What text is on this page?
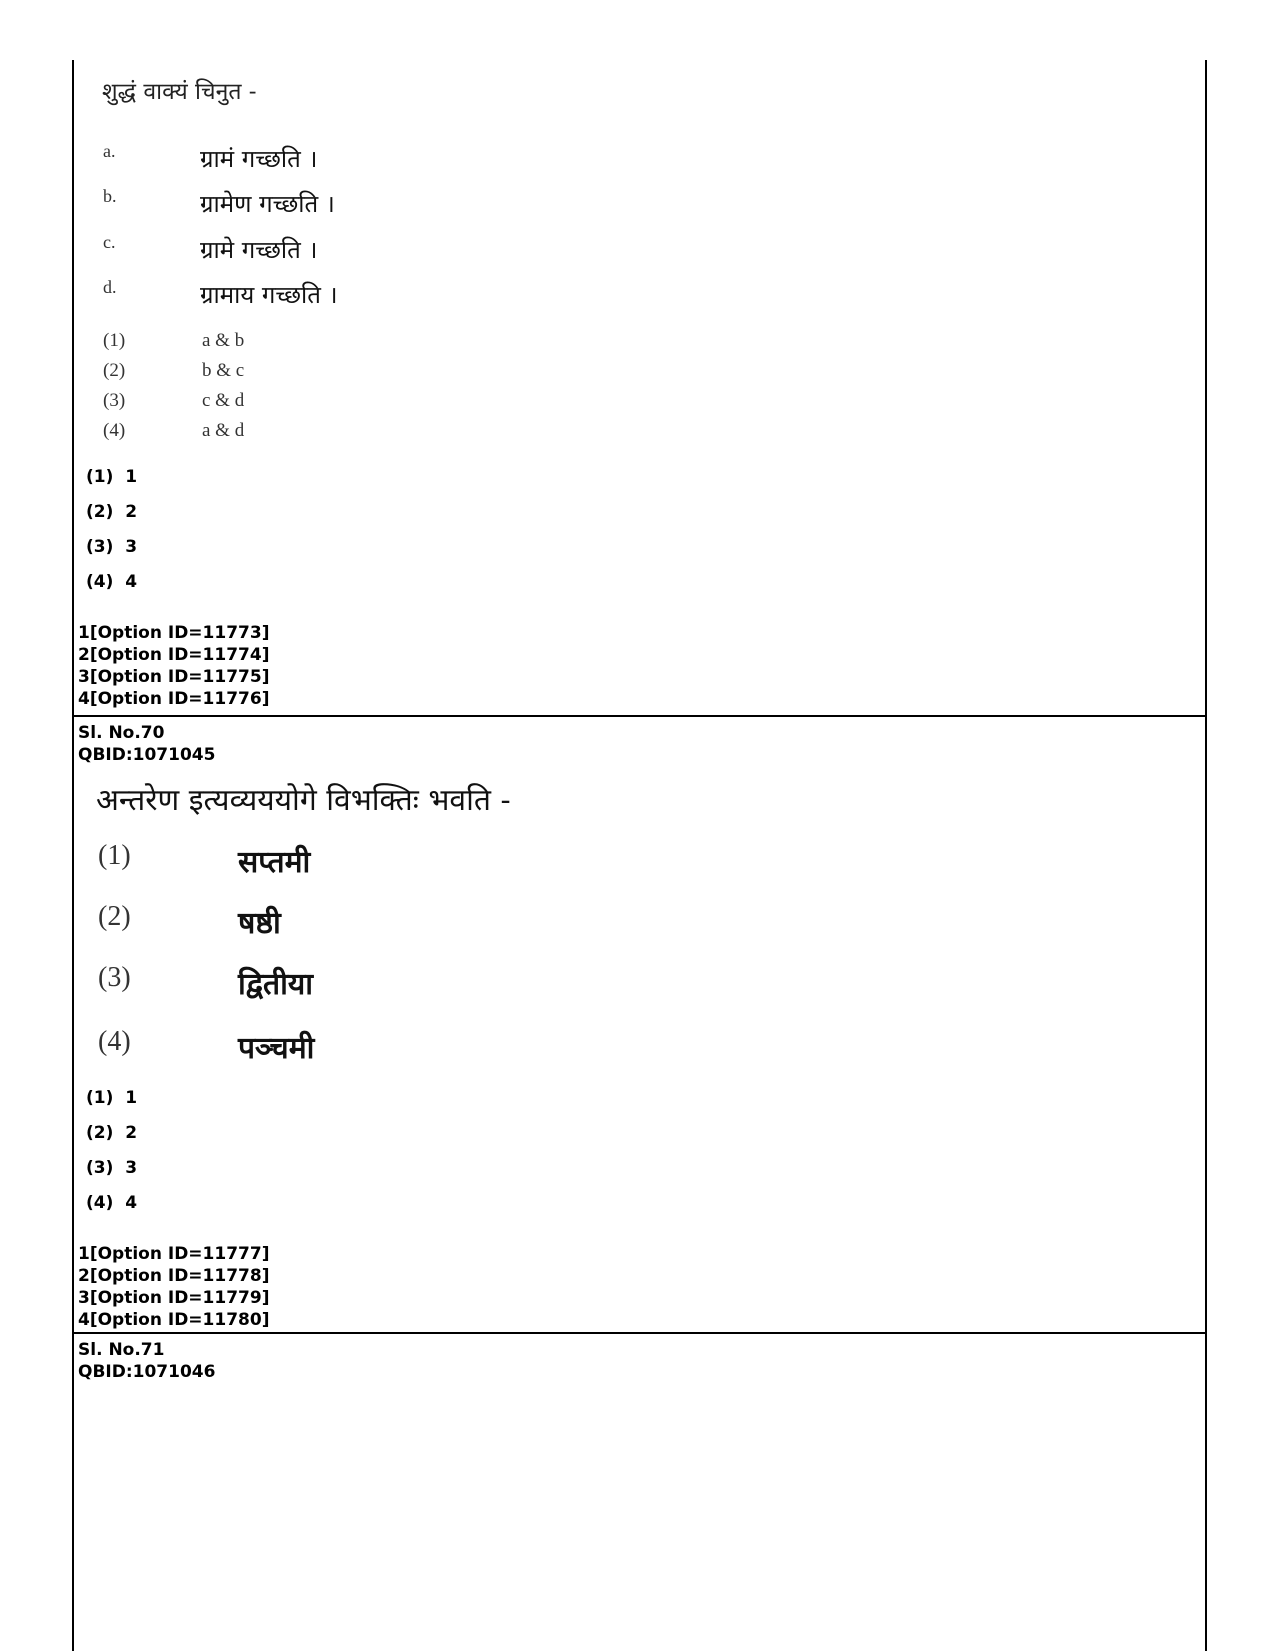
शुद्धं वाक्यं चिनुत -
a.	ग्रामं गच्छति ।
b.	ग्रामेण गच्छति ।
c.	ग्रामे गच्छति ।
d.	ग्रामाय गच्छति ।
(1)	a & b
(2)	b & c
(3)	c & d
(4)	a & d
(1) 1
(2) 2
(3) 3
(4) 4
1[Option ID=11773]
2[Option ID=11774]
3[Option ID=11775]
4[Option ID=11776]
Sl. No.70
QBID:1071045
अन्तरेण इत्यव्यययोगे विभक्तिः भवति -
(1)	सप्तमी
(2)	षष्ठी
(3)	द्वितीया
(4)	पञ्चमी
(1) 1
(2) 2
(3) 3
(4) 4
1[Option ID=11777]
2[Option ID=11778]
3[Option ID=11779]
4[Option ID=11780]
Sl. No.71
QBID:1071046
